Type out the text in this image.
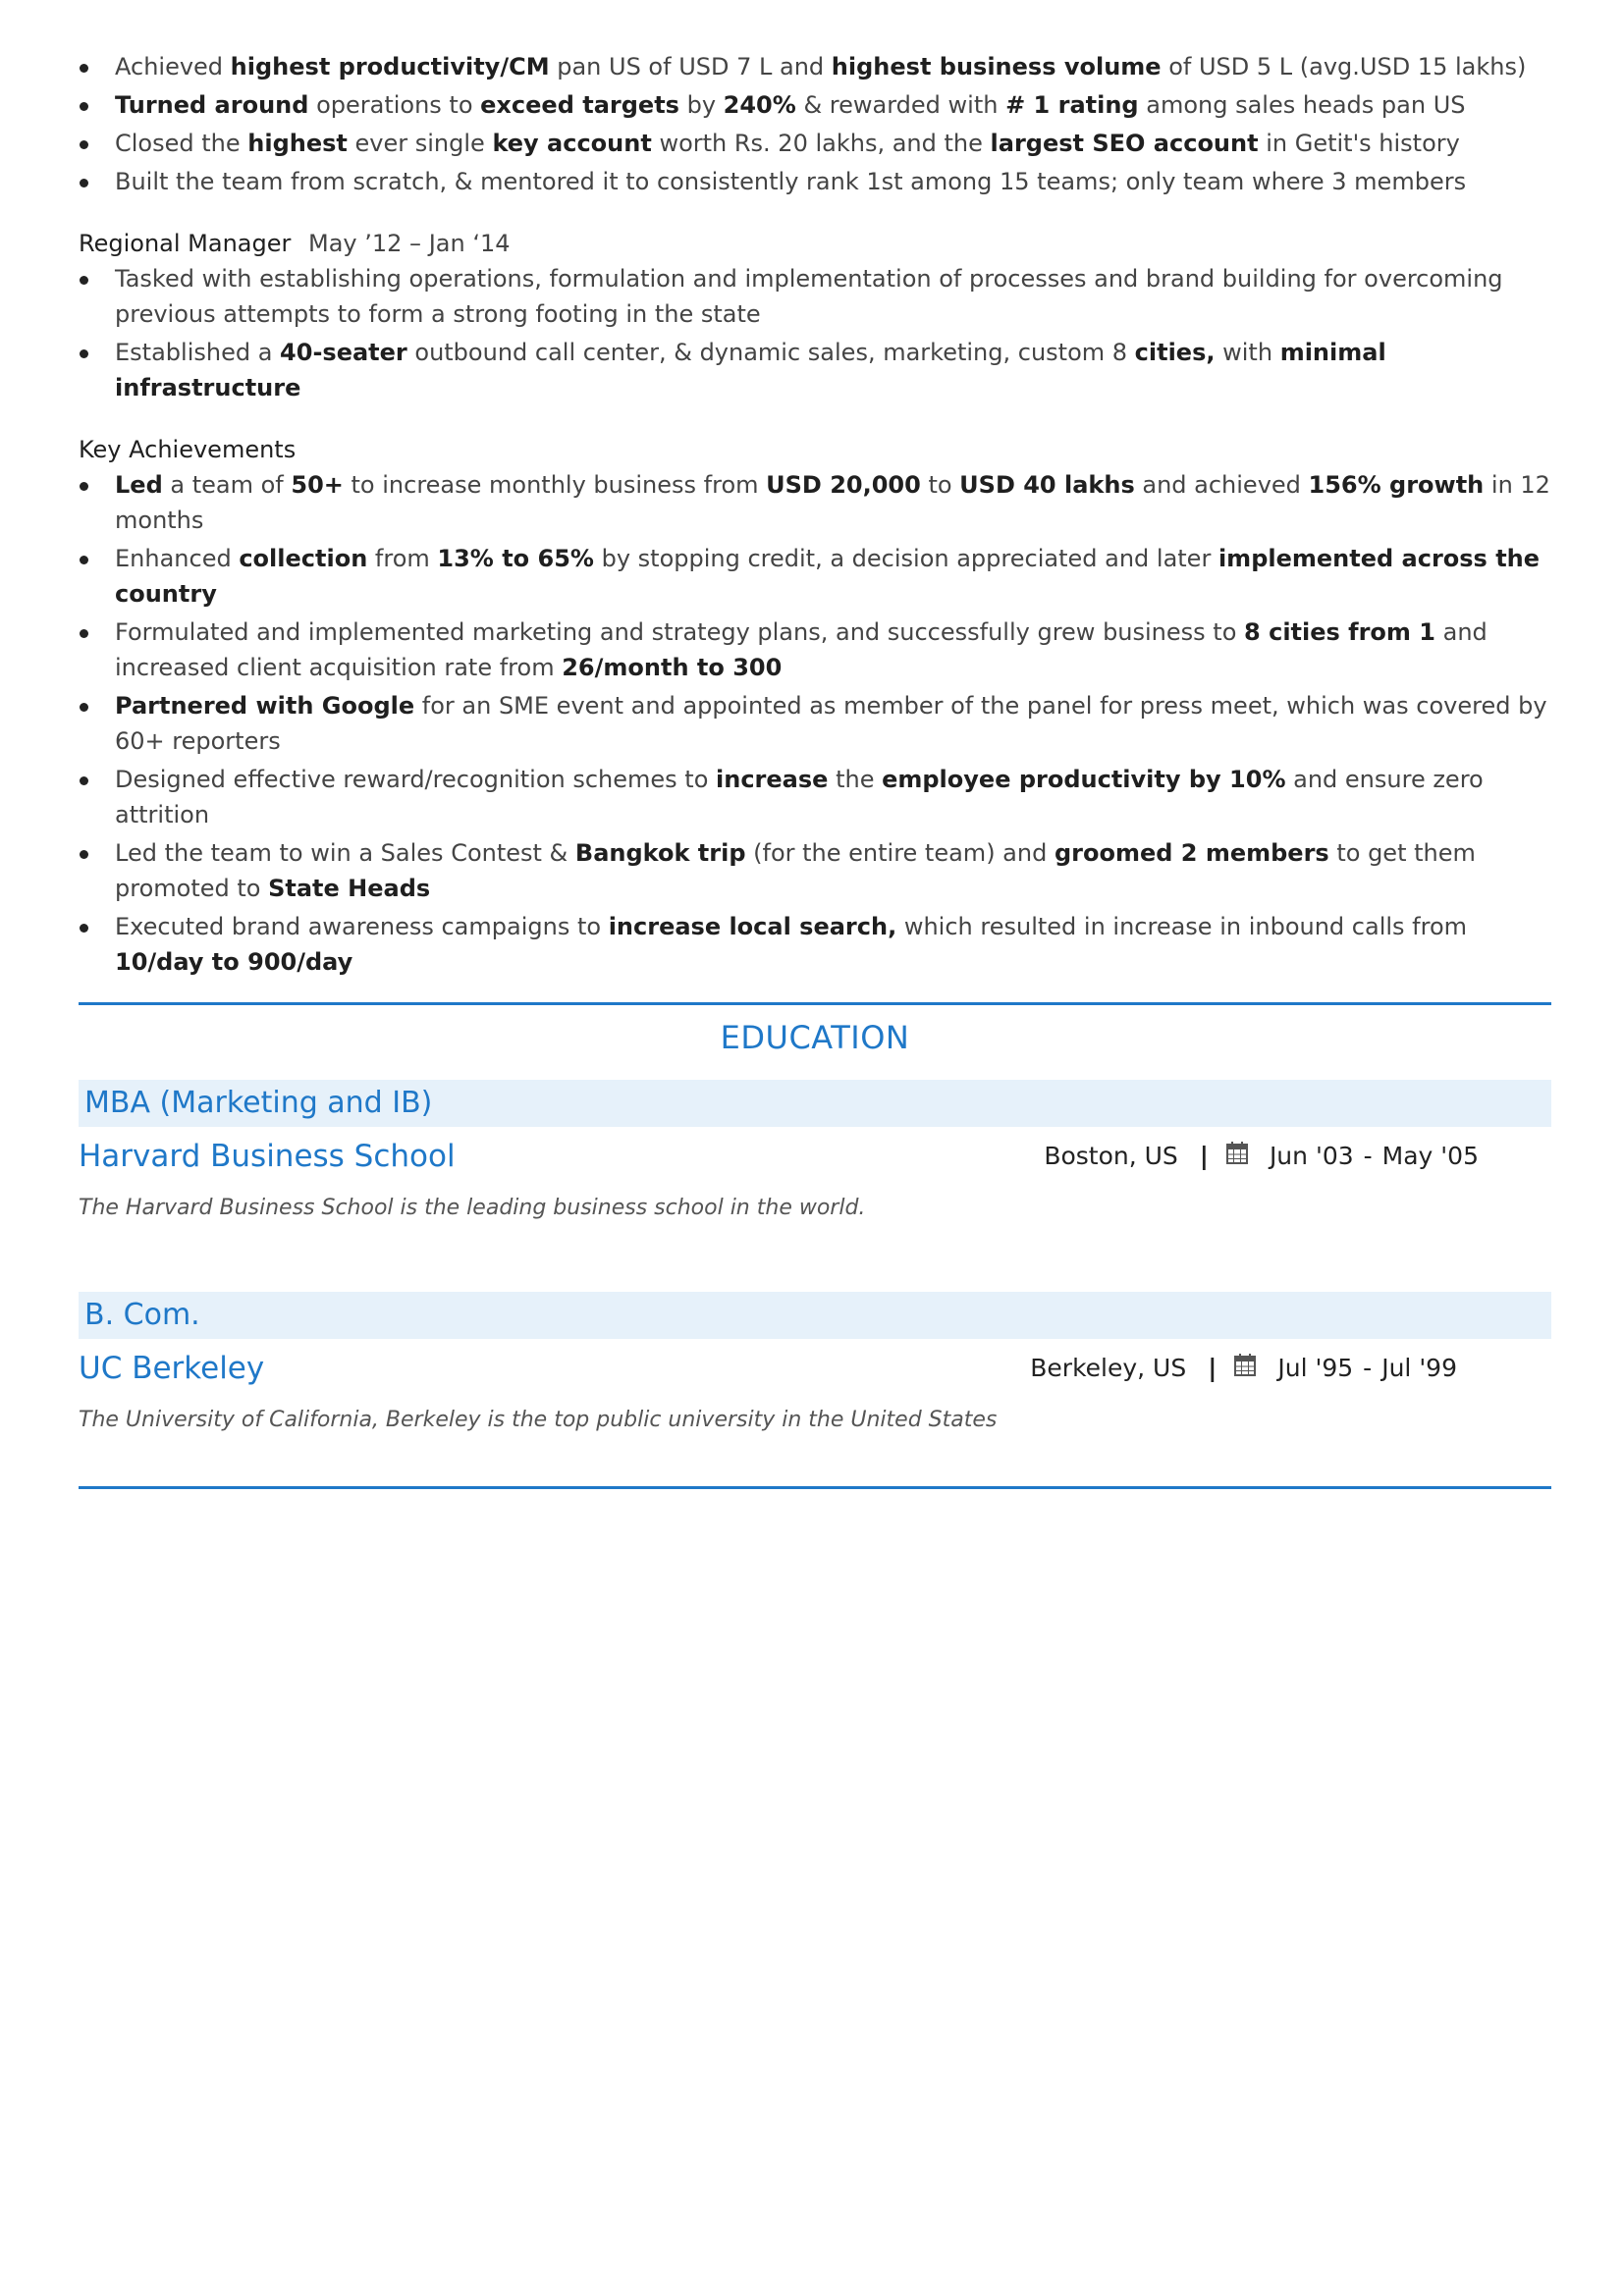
Achieved highest productivity/CM pan US of USD 7 L and highest business volume of USD 5 L (avg.USD 15 lakhs)
Turned around operations to exceed targets by 240% & rewarded with # 1 rating among sales heads pan US
Closed the highest ever single key account worth Rs. 20 lakhs, and the largest SEO account in Getit's history
Built the team from scratch, & mentored it to consistently rank 1st among 15 teams; only team where 3 members

Regional Manager May ’12 – Jan ‘14

Tasked with establishing operations, formulation and implementation of processes and brand building for overcoming previous attempts to form a strong footing in the state
Established a 40-seater outbound call center, & dynamic sales, marketing, custom 8 cities, with minimal infrastructure

Key Achievements

Led a team of 50+ to increase monthly business from USD 20,000 to USD 40 lakhs and achieved 156% growth in 12 months
Enhanced collection from 13% to 65% by stopping credit, a decision appreciated and later implemented across the country
Formulated and implemented marketing and strategy plans, and successfully grew business to 8 cities from 1 and increased client acquisition rate from 26/month to 300
Partnered with Google for an SME event and appointed as member of the panel for press meet, which was covered by 60+ reporters
Designed effective reward/recognition schemes to increase the employee productivity by 10% and ensure zero attrition
Led the team to win a Sales Contest & Bangkok trip (for the entire team) and groomed 2 members to get them promoted to State Heads
Executed brand awareness campaigns to increase local search, which resulted in increase in inbound calls from 10/day to 900/day
EDUCATION
MBA (Marketing and IB)
Harvard Business School	Boston, US | Jun '03 - May '05
The Harvard Business School is the leading business school in the world.
B. Com.
UC Berkeley	Berkeley, US | Jul '95 - Jul '99
The University of California, Berkeley is the top public university in the United States
